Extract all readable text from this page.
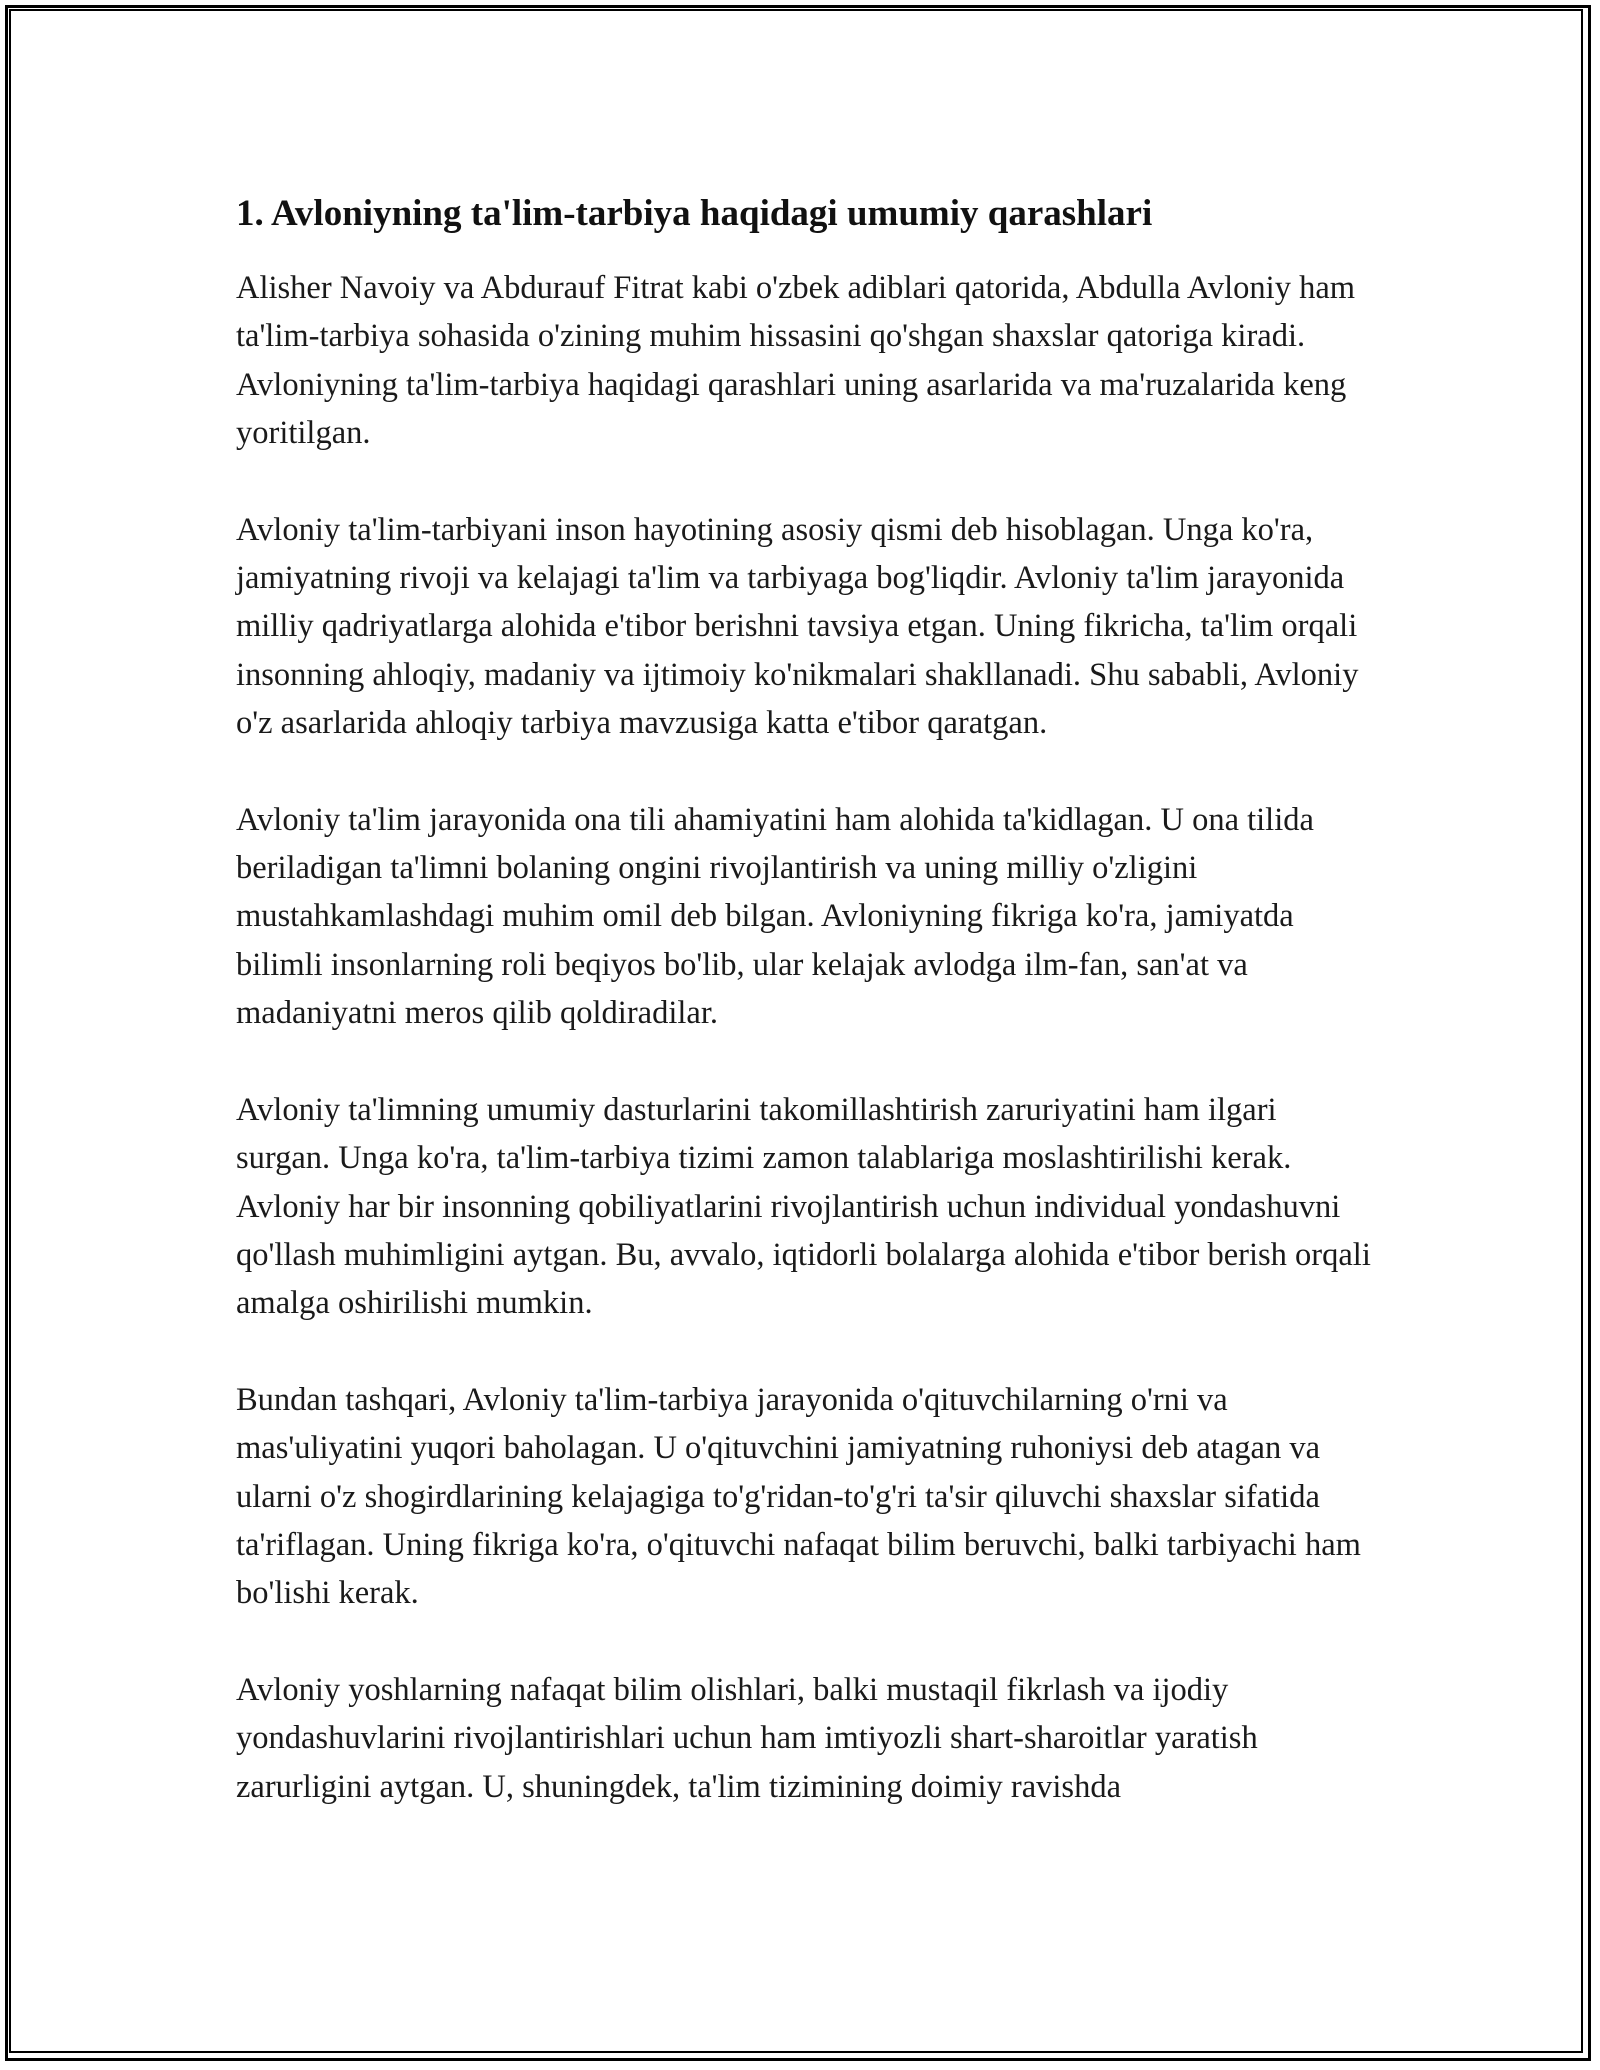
1. Avloniyning ta'lim-tarbiya haqidagi umumiy qarashlari

Alisher Navoiy va Abdurauf Fitrat kabi o'zbek adiblari qatorida, Abdulla Avloniy ham ta'lim-tarbiya sohasida o'zining muhim hissasini qo'shgan shaxslar qatoriga kiradi. Avloniyning ta'lim-tarbiya haqidagi qarashlari uning asarlarida va ma'ruzalarida keng yoritilgan.

Avloniy ta'lim-tarbiyani inson hayotining asosiy qismi deb hisoblagan. Unga ko'ra, jamiyatning rivoji va kelajagi ta'lim va tarbiyaga bog'liqdir. Avloniy ta'lim jarayonida milliy qadriyatlarga alohida e'tibor berishni tavsiya etgan. Uning fikricha, ta'lim orqali insonning ahloqiy, madaniy va ijtimoiy ko'nikmalari shakllanadi. Shu sababli, Avloniy o'z asarlarida ahloqiy tarbiya mavzusiga katta e'tibor qaratgan.

Avloniy ta'lim jarayonida ona tili ahamiyatini ham alohida ta'kidlagan. U ona tilida beriladigan ta'limni bolaning ongini rivojlantirish va uning milliy o'zligini mustahkamlashdagi muhim omil deb bilgan. Avloniyning fikriga ko'ra, jamiyatda bilimli insonlarning roli beqiyos bo'lib, ular kelajak avlodga ilm-fan, san'at va madaniyatni meros qilib qoldiradilar.

Avloniy ta'limning umumiy dasturlarini takomillashtirish zaruriyatini ham ilgari surgan. Unga ko'ra, ta'lim-tarbiya tizimi zamon talablariga moslashtirilishi kerak. Avloniy har bir insonning qobiliyatlarini rivojlantirish uchun individual yondashuvni qo'llash muhimligini aytgan. Bu, avvalo, iqtidorli bolalarga alohida e'tibor berish orqali amalga oshirilishi mumkin.

Bundan tashqari, Avloniy ta'lim-tarbiya jarayonida o'qituvchilarning o'rni va mas'uliyatini yuqori baholagan. U o'qituvchini jamiyatning ruhoniysi deb atagan va ularni o'z shogirdlarining kelajagiga to'g'ridan-to'g'ri ta'sir qiluvchi shaxslar sifatida ta'riflagan. Uning fikriga ko'ra, o'qituvchi nafaqat bilim beruvchi, balki tarbiyachi ham bo'lishi kerak.

Avloniy yoshlarning nafaqat bilim olishlari, balki mustaqil fikrlash va ijodiy yondashuvlarini rivojlantirishlari uchun ham imtiyozli shart-sharoitlar yaratish zarurligini aytgan. U, shuningdek, ta'lim tizimining doimiy ravishda
